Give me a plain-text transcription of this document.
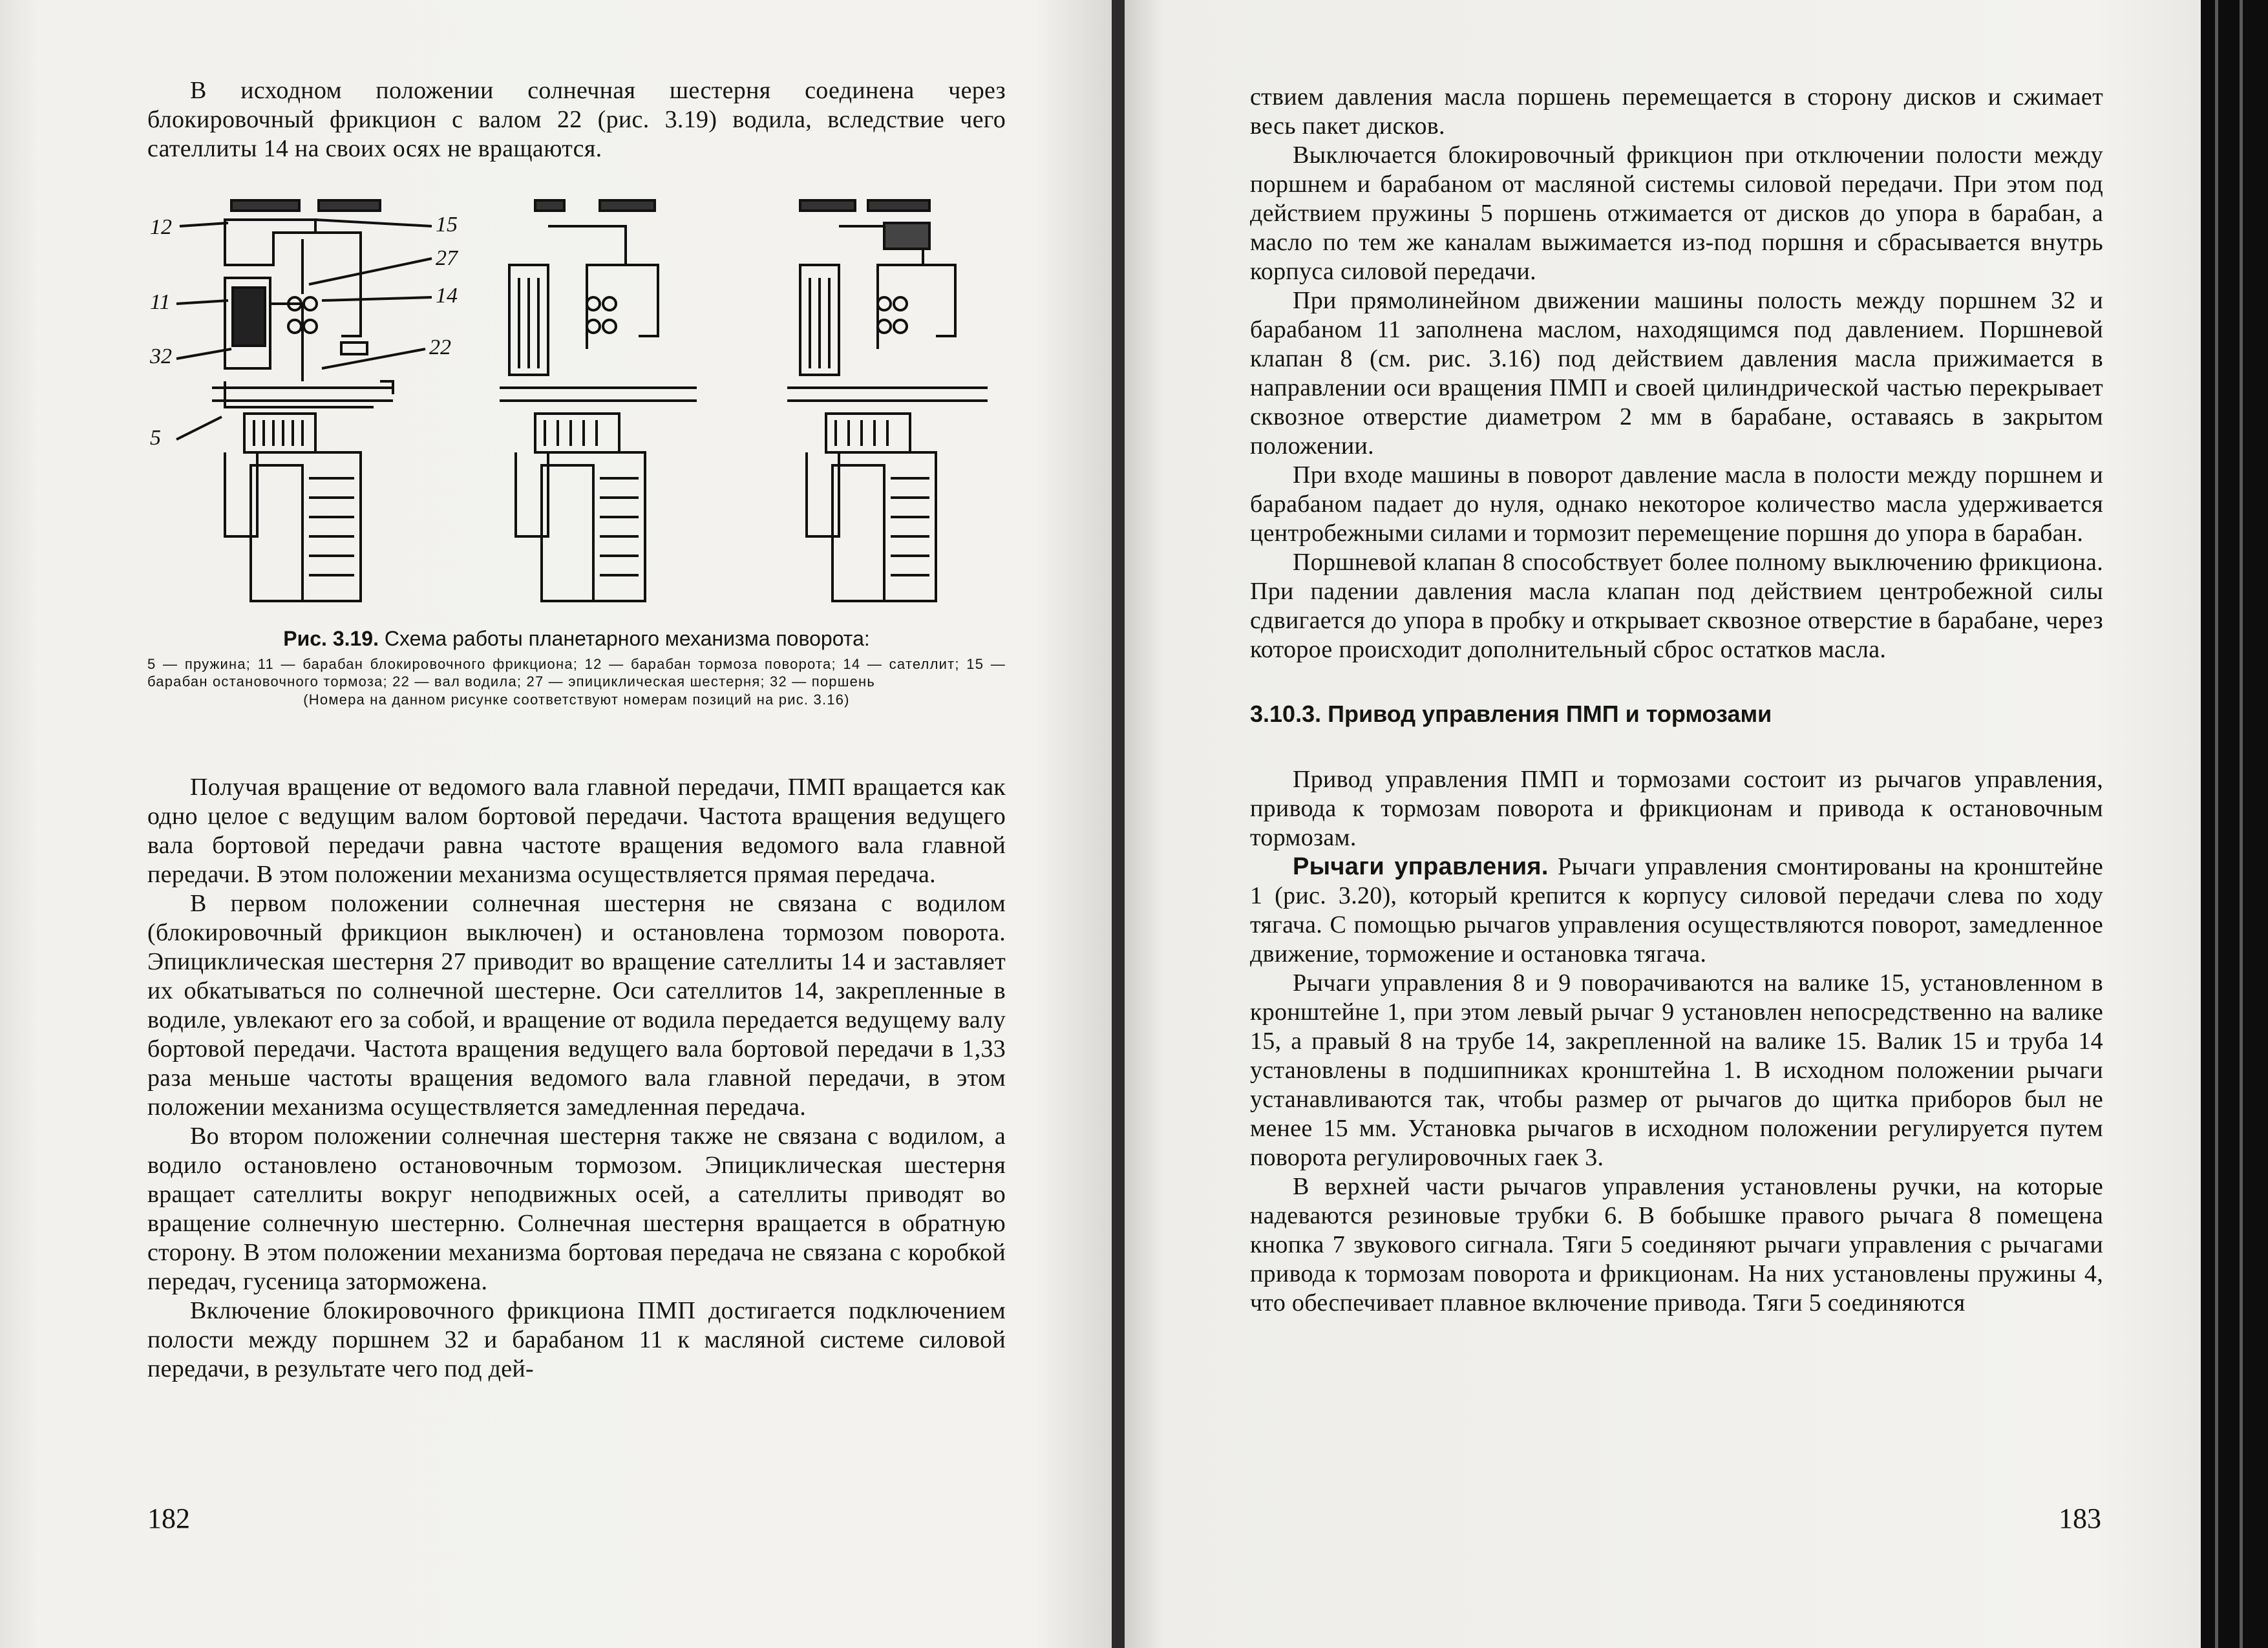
В исходном положении солнечная шестерня соединена через блокировочный фрикцион с валом 22 (рис. 3.19) водила, вследствие чего сателлиты 14 на своих осях не вращаются.

12
11
32
5
15
27
14
22
Рис. 3.19. Схема работы планетарного механизма поворота:
5 — пружина; 11 — барабан блокировочного фрикциона; 12 — барабан тормоза поворота; 14 — сателлит; 15 — барабан остановочного тормоза; 22 — вал водила; 27 — эпициклическая шестерня; 32 — поршень
(Номера на данном рисунке соответствуют номерам позиций на рис. 3.16)

Получая вращение от ведомого вала главной передачи, ПМП вращается как одно целое с ведущим валом бортовой передачи. Частота вращения ведущего вала бортовой передачи равна частоте вращения ведомого вала главной передачи. В этом положении механизма осуществляется прямая передача.

В первом положении солнечная шестерня не связана с водилом (блокировочный фрикцион выключен) и остановлена тормозом поворота. Эпициклическая шестерня 27 приводит во вращение сателлиты 14 и заставляет их обкатываться по солнечной шестерне. Оси сателлитов 14, закрепленные в водиле, увлекают его за собой, и вращение от водила передается ведущему валу бортовой передачи. Частота вращения ведущего вала бортовой передачи в 1,33 раза меньше частоты вращения ведомого вала главной передачи, в этом положении механизма осуществляется замедленная передача.

Во втором положении солнечная шестерня также не связана с водилом, а водило остановлено остановочным тормозом. Эпициклическая шестерня вращает сателлиты вокруг неподвижных осей, а сателлиты приводят во вращение солнечную шестерню. Солнечная шестерня вращается в обратную сторону. В этом положении механизма бортовая передача не связана с коробкой передач, гусеница заторможена.

Включение блокировочного фрикциона ПМП достигается подключением полости между поршнем 32 и барабаном 11 к масляной системе силовой передачи, в результате чего под дей-

182

ствием давления масла поршень перемещается в сторону дисков и сжимает весь пакет дисков.

Выключается блокировочный фрикцион при отключении полости между поршнем и барабаном от масляной системы силовой передачи. При этом под действием пружины 5 поршень отжимается от дисков до упора в барабан, а масло по тем же каналам выжимается из-под поршня и сбрасывается внутрь корпуса силовой передачи.

При прямолинейном движении машины полость между поршнем 32 и барабаном 11 заполнена маслом, находящимся под давлением. Поршневой клапан 8 (см. рис. 3.16) под действием давления масла прижимается в направлении оси вращения ПМП и своей цилиндрической частью перекрывает сквозное отверстие диаметром 2 мм в барабане, оставаясь в закрытом положении.

При входе машины в поворот давление масла в полости между поршнем и барабаном падает до нуля, однако некоторое количество масла удерживается центробежными силами и тормозит перемещение поршня до упора в барабан.

Поршневой клапан 8 способствует более полному выключению фрикциона. При падении давления масла клапан под действием центробежной силы сдвигается до упора в пробку и открывает сквозное отверстие в барабане, через которое происходит дополнительный сброс остатков масла.

3.10.3. Привод управления ПМП и тормозами

Привод управления ПМП и тормозами состоит из рычагов управления, привода к тормозам поворота и фрикционам и привода к остановочным тормозам.

Рычаги управления. Рычаги управления смонтированы на кронштейне 1 (рис. 3.20), который крепится к корпусу силовой передачи слева по ходу тягача. С помощью рычагов управления осуществляются поворот, замедленное движение, торможение и остановка тягача.

Рычаги управления 8 и 9 поворачиваются на валике 15, установленном в кронштейне 1, при этом левый рычаг 9 установлен непосредственно на валике 15, а правый 8 на трубе 14, закрепленной на валике 15. Валик 15 и труба 14 установлены в подшипниках кронштейна 1. В исходном положении рычаги устанавливаются так, чтобы размер от рычагов до щитка приборов был не менее 15 мм. Установка рычагов в исходном положении регулируется путем поворота регулировочных гаек 3.

В верхней части рычагов управления установлены ручки, на которые надеваются резиновые трубки 6. В бобышке правого рычага 8 помещена кнопка 7 звукового сигнала. Тяги 5 соединяют рычаги управления с рычагами привода к тормозам поворота и фрикционам. На них установлены пружины 4, что обеспечивает плавное включение привода. Тяги 5 соединяются

183
